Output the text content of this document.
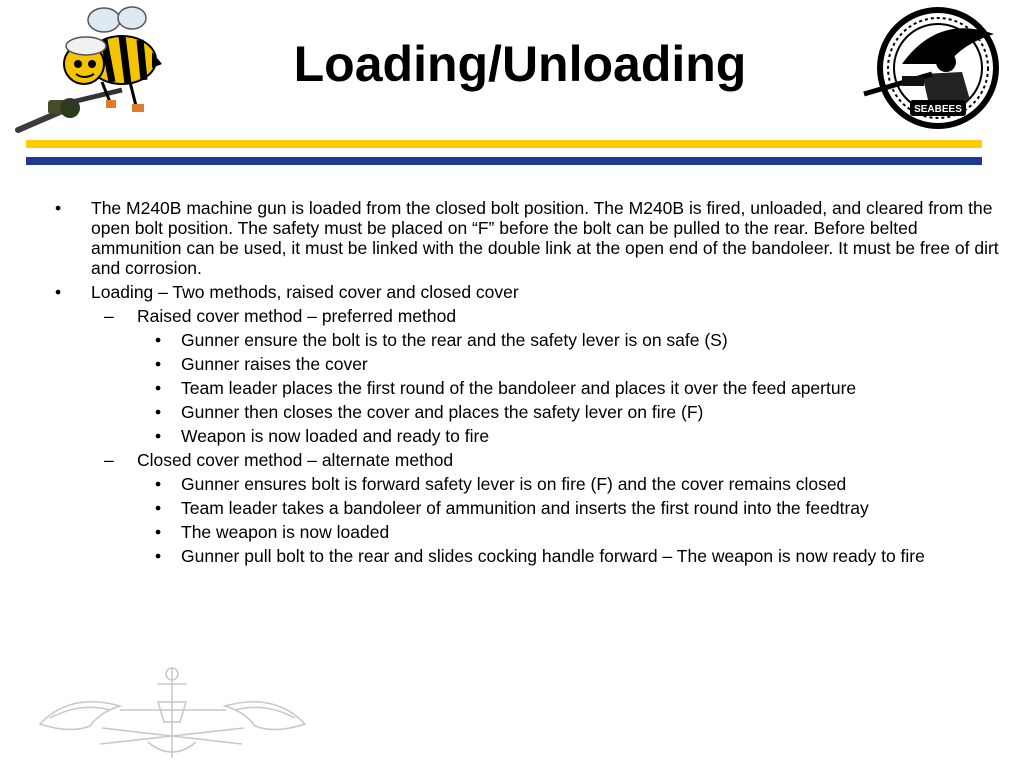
Loading/Unloading
SEABEES
• The M240B machine gun is loaded from the closed bolt position. The M240B is fired, unloaded, and cleared from the open bolt position. The safety must be placed on “F” before the bolt can be pulled to the rear. Before belted ammunition can be used, it must be linked with the double link at the open end of the bandoleer. It must be free of dirt and corrosion.
• Loading – Two methods, raised cover and closed cover
– Raised cover method – preferred method
• Gunner ensure the bolt is to the rear and the safety lever is on safe (S)
• Gunner raises the cover
• Team leader places the first round of the bandoleer and places it over the feed aperture
• Gunner then closes the cover and places the safety lever on fire (F)
• Weapon is now loaded and ready to fire
– Closed cover method – alternate method
• Gunner ensures bolt is forward safety lever is on fire (F) and the cover remains closed
• Team leader takes a bandoleer of ammunition and inserts the first round into the feedtray
• The weapon is now loaded
• Gunner pull bolt to the rear and slides cocking handle forward – The weapon is now ready to fire
